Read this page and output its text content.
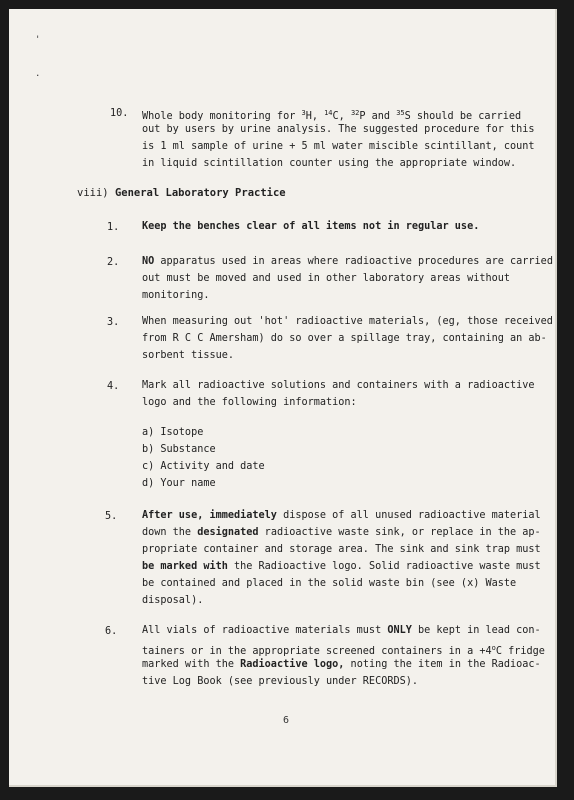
'
.
10. Whole body monitoring for $^3$H, $^{14}$C, $^{32}$P and $^{35}$S should be carried
out by users by urine analysis. The suggested procedure for this
is 1 ml sample of urine + 5 ml water miscible scintillant, count
in liquid scintillation counter using the appropriate window.
viii) General Laboratory Practice
1. Keep the benches clear of all items not in regular use.
2. NO apparatus used in areas where radioactive procedures are carried
out must be moved and used in other laboratory areas without
monitoring.
3. When measuring out 'hot' radioactive materials, (eg, those received
from R C C Amersham) do so over a spillage tray, containing an ab-
sorbent tissue.
4. Mark all radioactive solutions and containers with a radioactive
logo and the following information:
a) Isotope
b) Substance
c) Activity and date
d) Your name
5. After use, immediately dispose of all unused radioactive material
down the designated radioactive waste sink, or replace in the ap-
propriate container and storage area. The sink and sink trap must
be marked with the Radioactive logo. Solid radioactive waste must
be contained and placed in the solid waste bin (see (x) Waste
disposal).
6. All vials of radioactive materials must ONLY be kept in lead con-
tainers or in the appropriate screened containers in $a +4^oC$ fridge
marked with the Radioactive logo, noting the item in the Radioac-
tive Log Book (see previously under RECORDS).
6
